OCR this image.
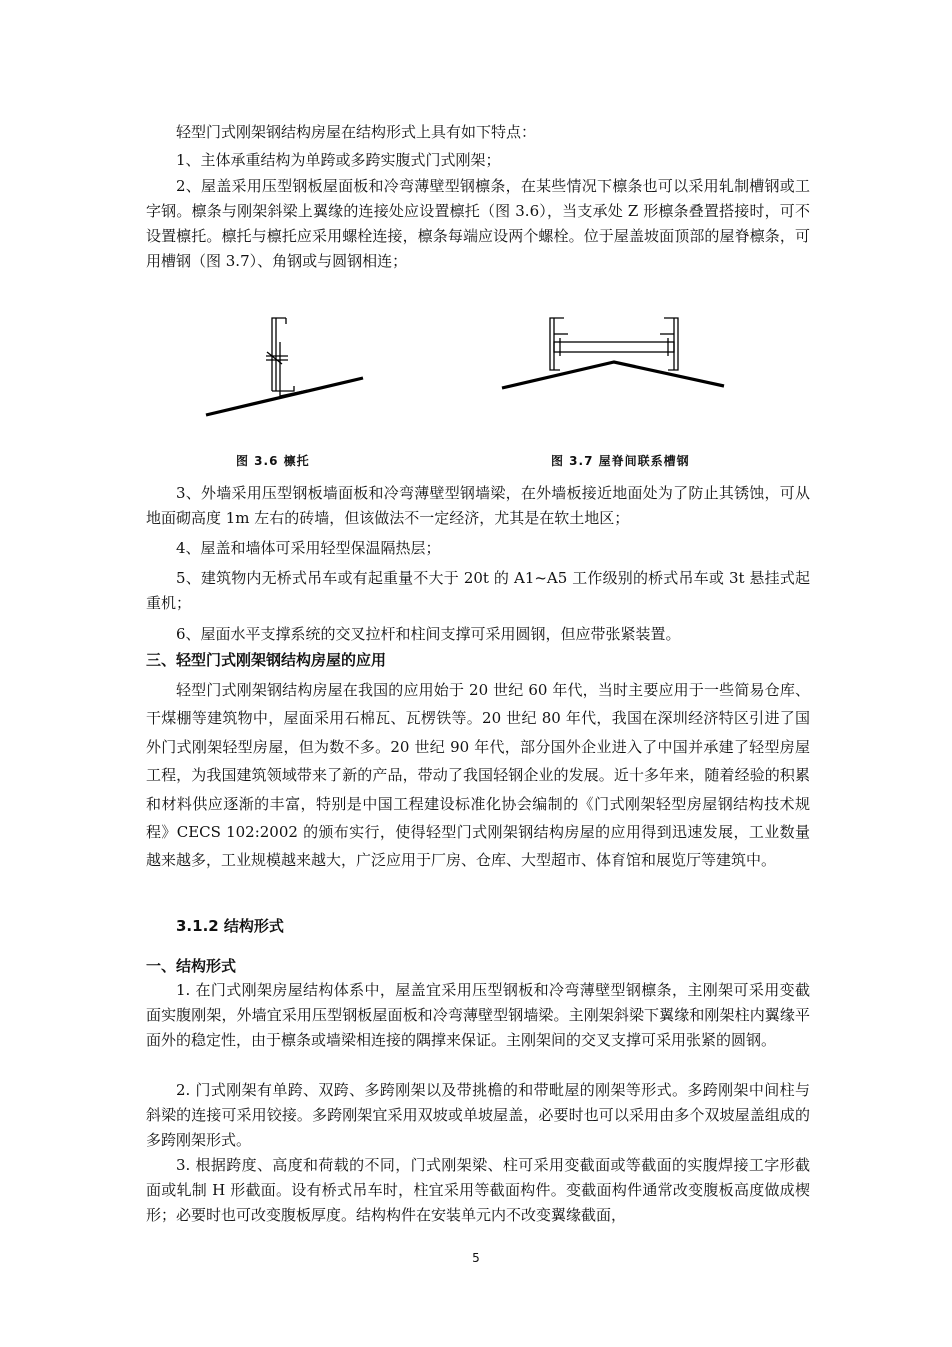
轻型门式刚架钢结构房屋在结构形式上具有如下特点：
1、主体承重结构为单跨或多跨实腹式门式刚架；
2、屋盖采用压型钢板屋面板和冷弯薄壁型钢檩条，在某些情况下檩条也可以采用轧制槽钢或工字钢。檩条与刚架斜梁上翼缘的连接处应设置檩托（图 3.6），当支承处 Z 形檩条叠置搭接时，可不设置檩托。檩托与檩托应采用螺栓连接，檩条每端应设两个螺栓。位于屋盖坡面顶部的屋脊檩条，可用槽钢（图 3.7）、角钢或与圆钢相连；
图 3.6 檩托	图 3.7 屋脊间联系槽钢
3、外墙采用压型钢板墙面板和冷弯薄壁型钢墙梁，在外墙板接近地面处为了防止其锈蚀，可从地面砌高度 1m 左右的砖墙，但该做法不一定经济，尤其是在软土地区；
4、屋盖和墙体可采用轻型保温隔热层；
5、建筑物内无桥式吊车或有起重量不大于 20t 的 A1~A5 工作级别的桥式吊车或 3t 悬挂式起重机；
6、屋面水平支撑系统的交叉拉杆和柱间支撑可采用圆钢，但应带张紧装置。
三、轻型门式刚架钢结构房屋的应用
轻型门式刚架钢结构房屋在我国的应用始于 20 世纪 60 年代，当时主要应用于一些简易仓库、干煤棚等建筑物中，屋面采用石棉瓦、瓦楞铁等。20 世纪 80 年代，我国在深圳经济特区引进了国外门式刚架轻型房屋，但为数不多。20 世纪 90 年代，部分国外企业进入了中国并承建了轻型房屋工程，为我国建筑领域带来了新的产品，带动了我国轻钢企业的发展。近十多年来，随着经验的积累和材料供应逐渐的丰富，特别是中国工程建设标准化协会编制的《门式刚架轻型房屋钢结构技术规程》CECS 102:2002 的颁布实行，使得轻型门式刚架钢结构房屋的应用得到迅速发展，工业数量越来越多，工业规模越来越大，广泛应用于厂房、仓库、大型超市、体育馆和展览厅等建筑中。
3.1.2 结构形式
一、结构形式
1. 在门式刚架房屋结构体系中，屋盖宜采用压型钢板和冷弯薄壁型钢檩条，主刚架可采用变截面实腹刚架，外墙宜采用压型钢板屋面板和冷弯薄壁型钢墙梁。主刚架斜梁下翼缘和刚架柱内翼缘平面外的稳定性，由于檩条或墙梁相连接的隅撑来保证。主刚架间的交叉支撑可采用张紧的圆钢。
2. 门式刚架有单跨、双跨、多跨刚架以及带挑檐的和带毗屋的刚架等形式。多跨刚架中间柱与斜梁的连接可采用铰接。多跨刚架宜采用双坡或单坡屋盖，必要时也可以采用由多个双坡屋盖组成的多跨刚架形式。
3. 根据跨度、高度和荷载的不同，门式刚架梁、柱可采用变截面或等截面的实腹焊接工字形截面或轧制 H 形截面。设有桥式吊车时，柱宜采用等截面构件。变截面构件通常改变腹板高度做成楔形；必要时也可改变腹板厚度。结构构件在安装单元内不改变翼缘截面，
5
